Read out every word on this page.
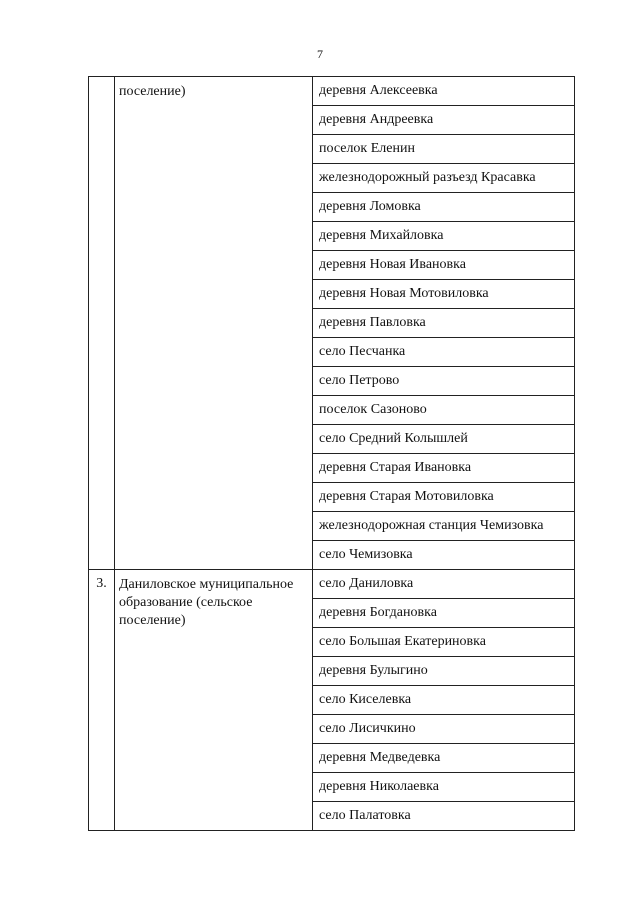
7
	поселение)	деревня Алексеевка
		деревня Андреевка
		поселок Еленин
		железнодорожный разъезд Красавка
		деревня Ломовка
		деревня Михайловка
		деревня Новая Ивановка
		деревня Новая Мотовиловка
		деревня Павловка
		село Песчанка
		село Петрово
		поселок Сазоново
		село Средний Колышлей
		деревня Старая Ивановка
		деревня Старая Мотовиловка
		железнодорожная станция Чемизовка
		село Чемизовка
3.	Даниловское муниципальное образование (сельское поселение)	село Даниловка
		деревня Богдановка
		село Большая Екатериновка
		деревня Булыгино
		село Киселевка
		село Лисичкино
		деревня Медведевка
		деревня Николаевка
		село Палатовка
